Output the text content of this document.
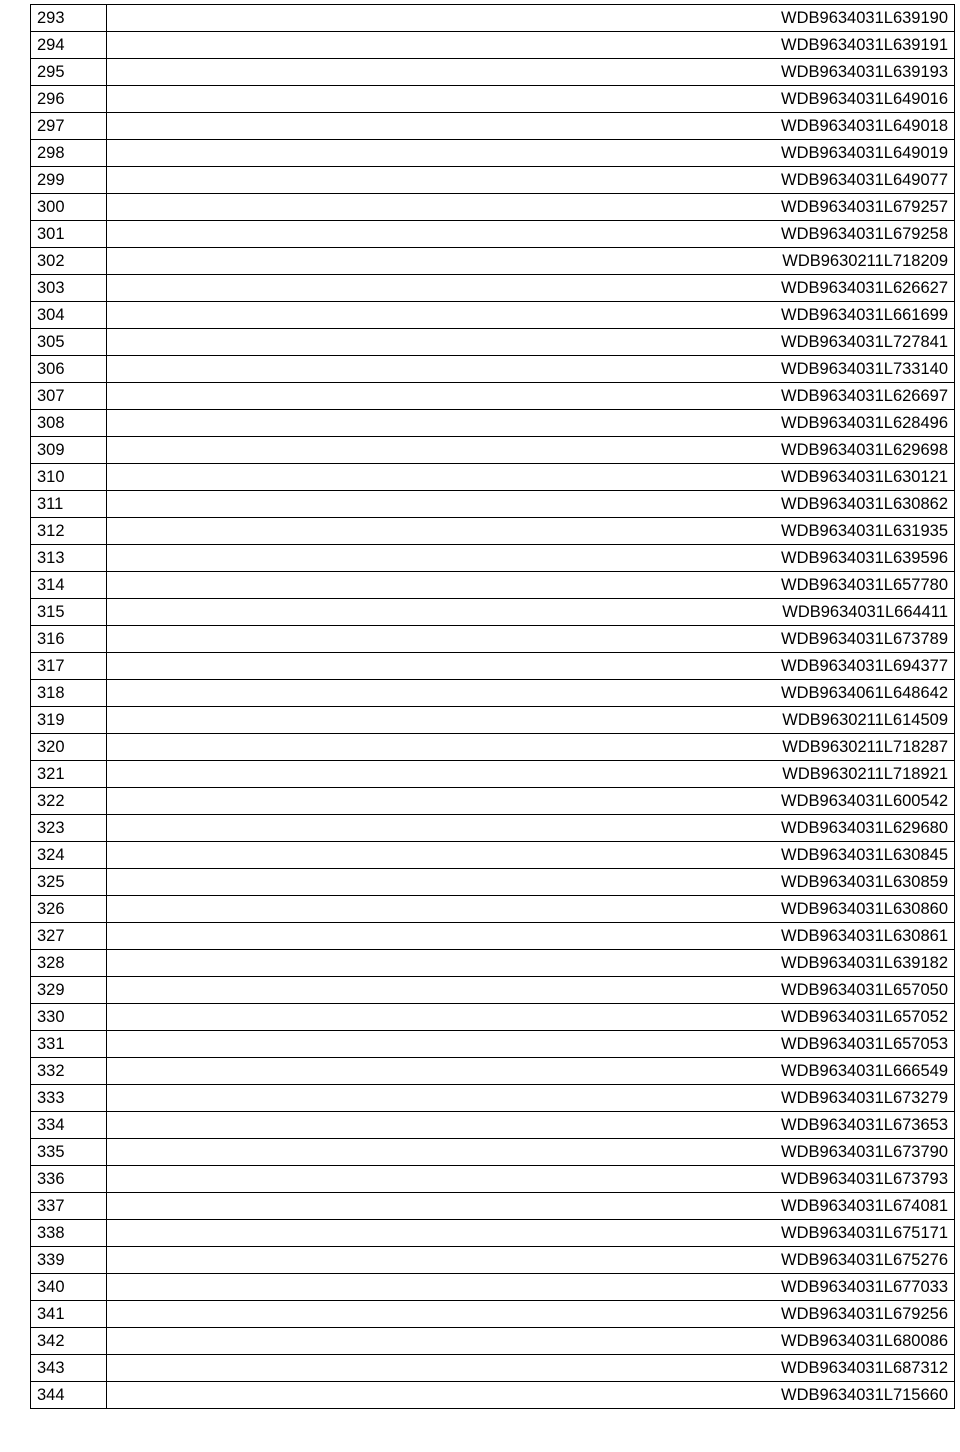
293	WDB9634031L639190
294	WDB9634031L639191
295	WDB9634031L639193
296	WDB9634031L649016
297	WDB9634031L649018
298	WDB9634031L649019
299	WDB9634031L649077
300	WDB9634031L679257
301	WDB9634031L679258
302	WDB9630211L718209
303	WDB9634031L626627
304	WDB9634031L661699
305	WDB9634031L727841
306	WDB9634031L733140
307	WDB9634031L626697
308	WDB9634031L628496
309	WDB9634031L629698
310	WDB9634031L630121
311	WDB9634031L630862
312	WDB9634031L631935
313	WDB9634031L639596
314	WDB9634031L657780
315	WDB9634031L664411
316	WDB9634031L673789
317	WDB9634031L694377
318	WDB9634061L648642
319	WDB9630211L614509
320	WDB9630211L718287
321	WDB9630211L718921
322	WDB9634031L600542
323	WDB9634031L629680
324	WDB9634031L630845
325	WDB9634031L630859
326	WDB9634031L630860
327	WDB9634031L630861
328	WDB9634031L639182
329	WDB9634031L657050
330	WDB9634031L657052
331	WDB9634031L657053
332	WDB9634031L666549
333	WDB9634031L673279
334	WDB9634031L673653
335	WDB9634031L673790
336	WDB9634031L673793
337	WDB9634031L674081
338	WDB9634031L675171
339	WDB9634031L675276
340	WDB9634031L677033
341	WDB9634031L679256
342	WDB9634031L680086
343	WDB9634031L687312
344	WDB9634031L715660
